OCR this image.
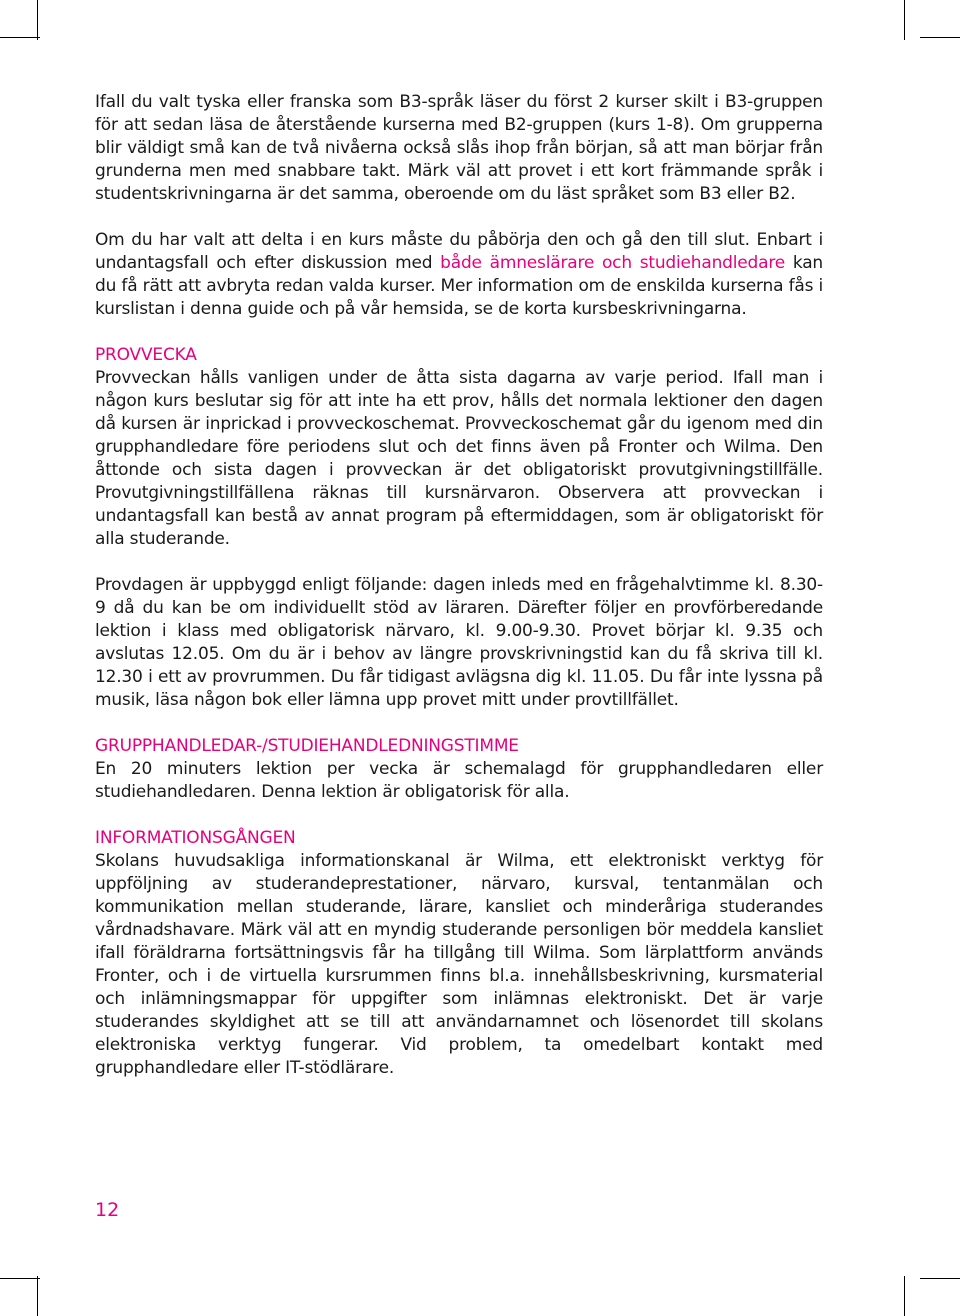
Ifall du valt tyska eller franska som B3-språk läser du först 2 kurser skilt i B3-gruppen för att sedan läsa de återstående kurserna med B2-gruppen (kurs 1-8). Om grupperna blir väldigt små kan de två nivåerna också slås ihop från början, så att man börjar från grunderna men med snabbare takt. Märk väl att provet i ett kort främmande språk i studentskrivningarna är det samma, oberoende om du läst språket som B3 eller B2.

Om du har valt att delta i en kurs måste du påbörja den och gå den till slut. Enbart i undantagsfall och efter diskussion med både ämneslärare och studiehandledare kan du få rätt att avbryta redan valda kurser. Mer information om de enskilda kurserna fås i kurslistan i denna guide och på vår hemsida, se de korta kursbeskrivningarna.

PROVVECKA

Provveckan hålls vanligen under de åtta sista dagarna av varje period. Ifall man i någon kurs beslutar sig för att inte ha ett prov, hålls det normala lektioner den dagen då kursen är inprickad i provveckoschemat. Provveckoschemat går du igenom med din grupphandledare före periodens slut och det finns även på Fronter och Wilma. Den åttonde och sista dagen i provveckan är det obligatoriskt provutgivningstillfälle. Provutgivningstillfällena räknas till kursnärvaron. Observera att provveckan i undantagsfall kan bestå av annat program på eftermiddagen, som är obligatoriskt för alla studerande.

Provdagen är uppbyggd enligt följande: dagen inleds med en frågehalvtimme kl. 8.30-9 då du kan be om individuellt stöd av läraren. Därefter följer en provförberedande lektion i klass med obligatorisk närvaro, kl. 9.00-9.30. Provet börjar kl. 9.35 och avslutas 12.05. Om du är i behov av längre provskrivningstid kan du få skriva till kl. 12.30 i ett av provrummen. Du får tidigast avlägsna dig kl. 11.05. Du får inte lyssna på musik, läsa någon bok eller lämna upp provet mitt under provtillfället.

GRUPPHANDLEDAR-/STUDIEHANDLEDNINGSTIMME

En 20 minuters lektion per vecka är schemalagd för grupphandledaren eller studiehandledaren. Denna lektion är obligatorisk för alla.

INFORMATIONSGÅNGEN

Skolans huvudsakliga informationskanal är Wilma, ett elektroniskt verktyg för uppföljning av studerandeprestationer, närvaro, kursval, tentanmälan och kommunikation mellan studerande, lärare, kansliet och minderåriga studerandes vårdnadshavare. Märk väl att en myndig studerande personligen bör meddela kansliet ifall föräldrarna fortsättningsvis får ha tillgång till Wilma. Som lärplattform används Fronter, och i de virtuella kursrummen finns bl.a. innehållsbeskrivning, kursmaterial och inlämningsmappar för uppgifter som inlämnas elektroniskt. Det är varje studerandes skyldighet att se till att användarnamnet och lösenordet till skolans elektroniska verktyg fungerar. Vid problem, ta omedelbart kontakt med grupphandledare eller IT-stödlärare.

12
